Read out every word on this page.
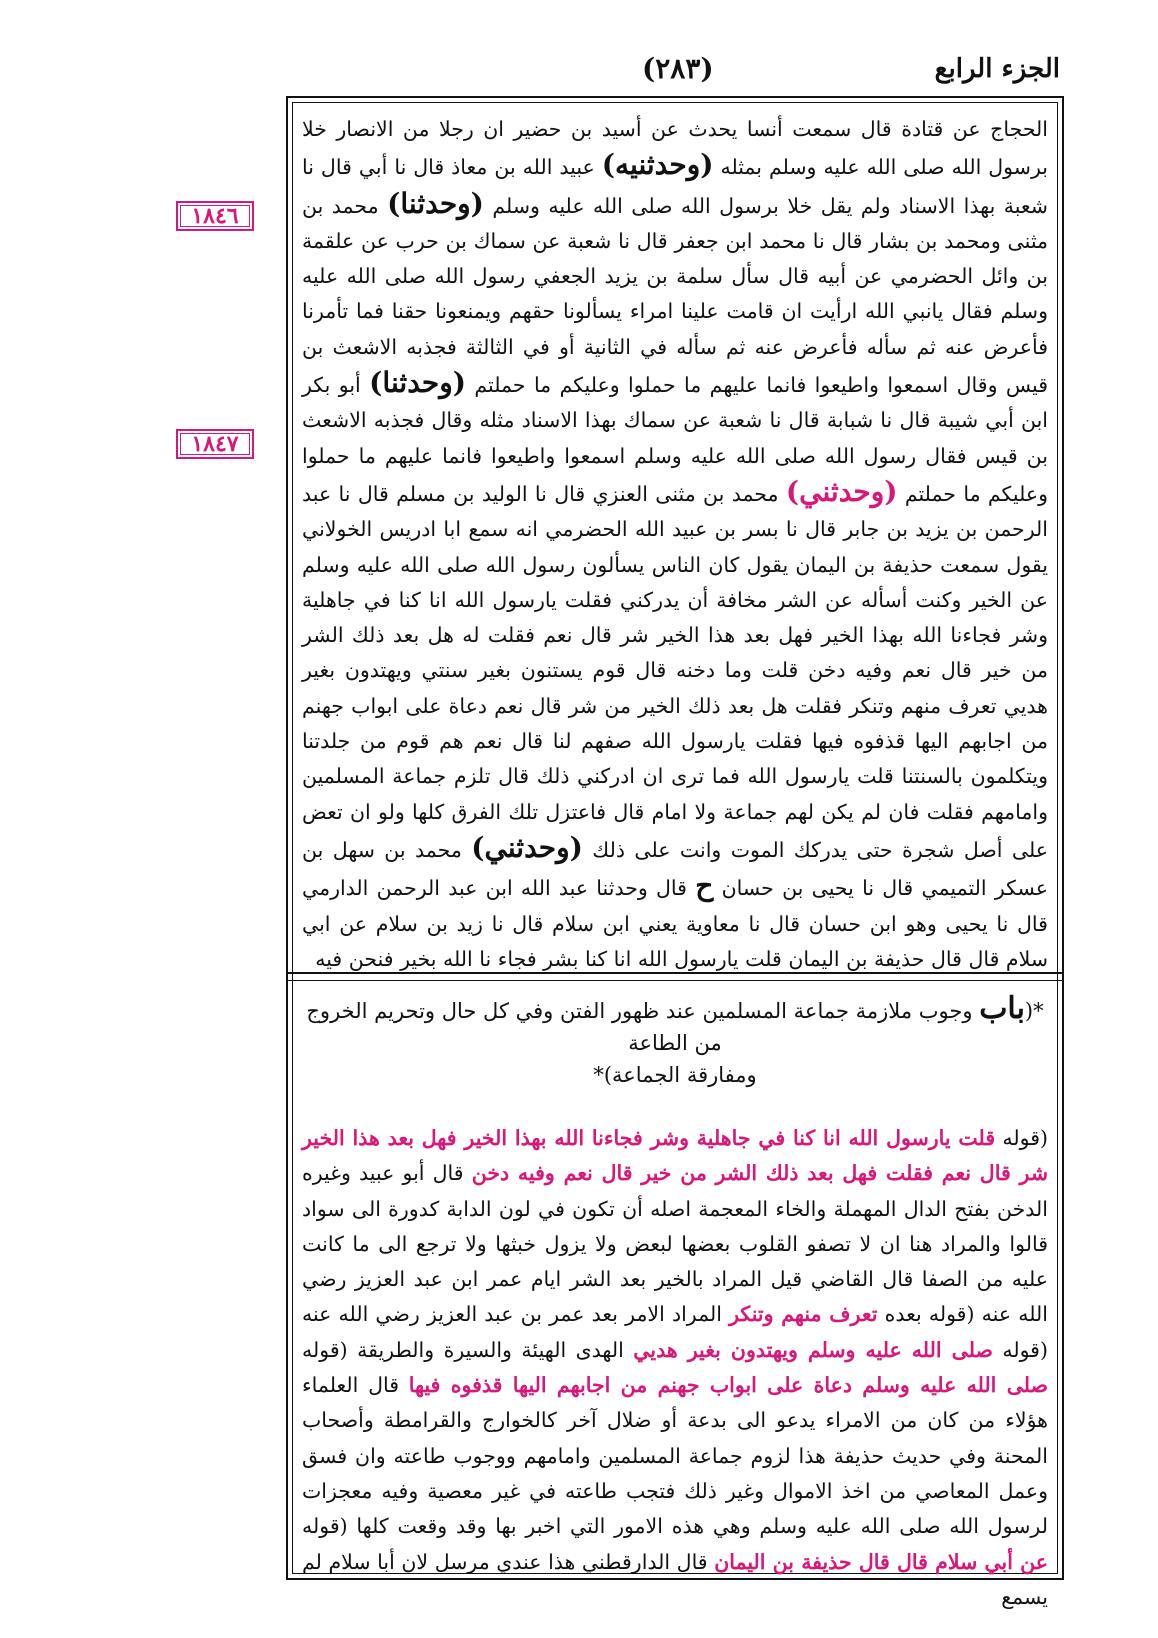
الجزء الرابع
(٢٨٣)
١٨٤٦
١٨٤٧
الحجاج عن قتادة قال سمعت أنسا يحدث عن أسيد بن حضير ان رجلا من الانصار خلا برسول الله صلى الله عليه وسلم بمثله (وحدثنيه) عبيد الله بن معاذ قال نا أبي قال نا شعبة بهذا الاسناد ولم يقل خلا برسول الله صلى الله عليه وسلم (وحدثنا) محمد بن مثنى ومحمد بن بشار قال نا محمد ابن جعفر قال نا شعبة عن سماك بن حرب عن علقمة بن وائل الحضرمي عن أبيه قال سأل سلمة بن يزيد الجعفي رسول الله صلى الله عليه وسلم فقال يانبي الله ارأيت ان قامت علينا امراء يسألونا حقهم ويمنعونا حقنا فما تأمرنا فأعرض عنه ثم سأله فأعرض عنه ثم سأله في الثانية أو في الثالثة فجذبه الاشعث بن قيس وقال اسمعوا واطيعوا فانما عليهم ما حملوا وعليكم ما حملتم (وحدثنا) أبو بكر ابن أبي شيبة قال نا شبابة قال نا شعبة عن سماك بهذا الاسناد مثله وقال فجذبه الاشعث بن قيس فقال رسول الله صلى الله عليه وسلم اسمعوا واطيعوا فانما عليهم ما حملوا وعليكم ما حملتم (وحدثني) محمد بن مثنى العنزي قال نا الوليد بن مسلم قال نا عبد الرحمن بن يزيد بن جابر قال نا بسر بن عبيد الله الحضرمي انه سمع ابا ادريس الخولاني يقول سمعت حذيفة بن اليمان يقول كان الناس يسألون رسول الله صلى الله عليه وسلم عن الخير وكنت أسأله عن الشر مخافة أن يدركني فقلت يارسول الله انا كنا في جاهلية وشر فجاءنا الله بهذا الخير فهل بعد هذا الخير شر قال نعم فقلت له هل بعد ذلك الشر من خير قال نعم وفيه دخن قلت وما دخنه قال قوم يستنون بغير سنتي ويهتدون بغير هديي تعرف منهم وتنكر فقلت هل بعد ذلك الخير من شر قال نعم دعاة على ابواب جهنم من اجابهم اليها قذفوه فيها فقلت يارسول الله صفهم لنا قال نعم هم قوم من جلدتنا ويتكلمون بالسنتنا قلت يارسول الله فما ترى ان ادركني ذلك قال تلزم جماعة المسلمين وامامهم فقلت فان لم يكن لهم جماعة ولا امام قال فاعتزل تلك الفرق كلها ولو ان تعض على أصل شجرة حتى يدركك الموت وانت على ذلك (وحدثني) محمد بن سهل بن عسكر التميمي قال نا يحيى بن حسان ح قال وحدثنا عبد الله ابن عبد الرحمن الدارمي قال نا يحيى وهو ابن حسان قال نا معاوية يعني ابن سلام قال نا زيد بن سلام عن ابي سلام قال قال حذيفة بن اليمان قلت يارسول الله انا كنا بشر فجاء نا الله بخير فنحن فيه
*(باب وجوب ملازمة جماعة المسلمين عند ظهور الفتن وفي كل حال وتحريم الخروج من الطاعة
ومفارقة الجماعة)*
(قوله قلت يارسول الله انا كنا في جاهلية وشر فجاءنا الله بهذا الخير فهل بعد هذا الخير شر قال نعم فقلت فهل بعد ذلك الشر من خير قال نعم وفيه دخن قال أبو عبيد وغيره الدخن بفتح الدال المهملة والخاء المعجمة اصله أن تكون في لون الدابة كدورة الى سواد قالوا والمراد هنا ان لا تصفو القلوب بعضها لبعض ولا يزول خبثها ولا ترجع الى ما كانت عليه من الصفا قال القاضي قيل المراد بالخير بعد الشر ايام عمر ابن عبد العزيز رضي الله عنه (قوله بعده تعرف منهم وتنكر المراد الامر بعد عمر بن عبد العزيز رضي الله عنه (قوله صلى الله عليه وسلم ويهتدون بغير هديي الهدى الهيئة والسيرة والطريقة (قوله صلى الله عليه وسلم دعاة على ابواب جهنم من اجابهم اليها قذفوه فيها قال العلماء هؤلاء من كان من الامراء يدعو الى بدعة أو ضلال آخر كالخوارج والقرامطة وأصحاب المحنة وفي حديث حذيفة هذا لزوم جماعة المسلمين وامامهم ووجوب طاعته وان فسق وعمل المعاصي من اخذ الاموال وغير ذلك فتجب طاعته في غير معصية وفيه معجزات لرسول الله صلى الله عليه وسلم وهي هذه الامور التي اخبر بها وقد وقعت كلها (قوله عن أبي سلام قال قال حذيفة بن اليمان قال الدارقطني هذا عندي مرسل لان أبا سلام لم يسمع
